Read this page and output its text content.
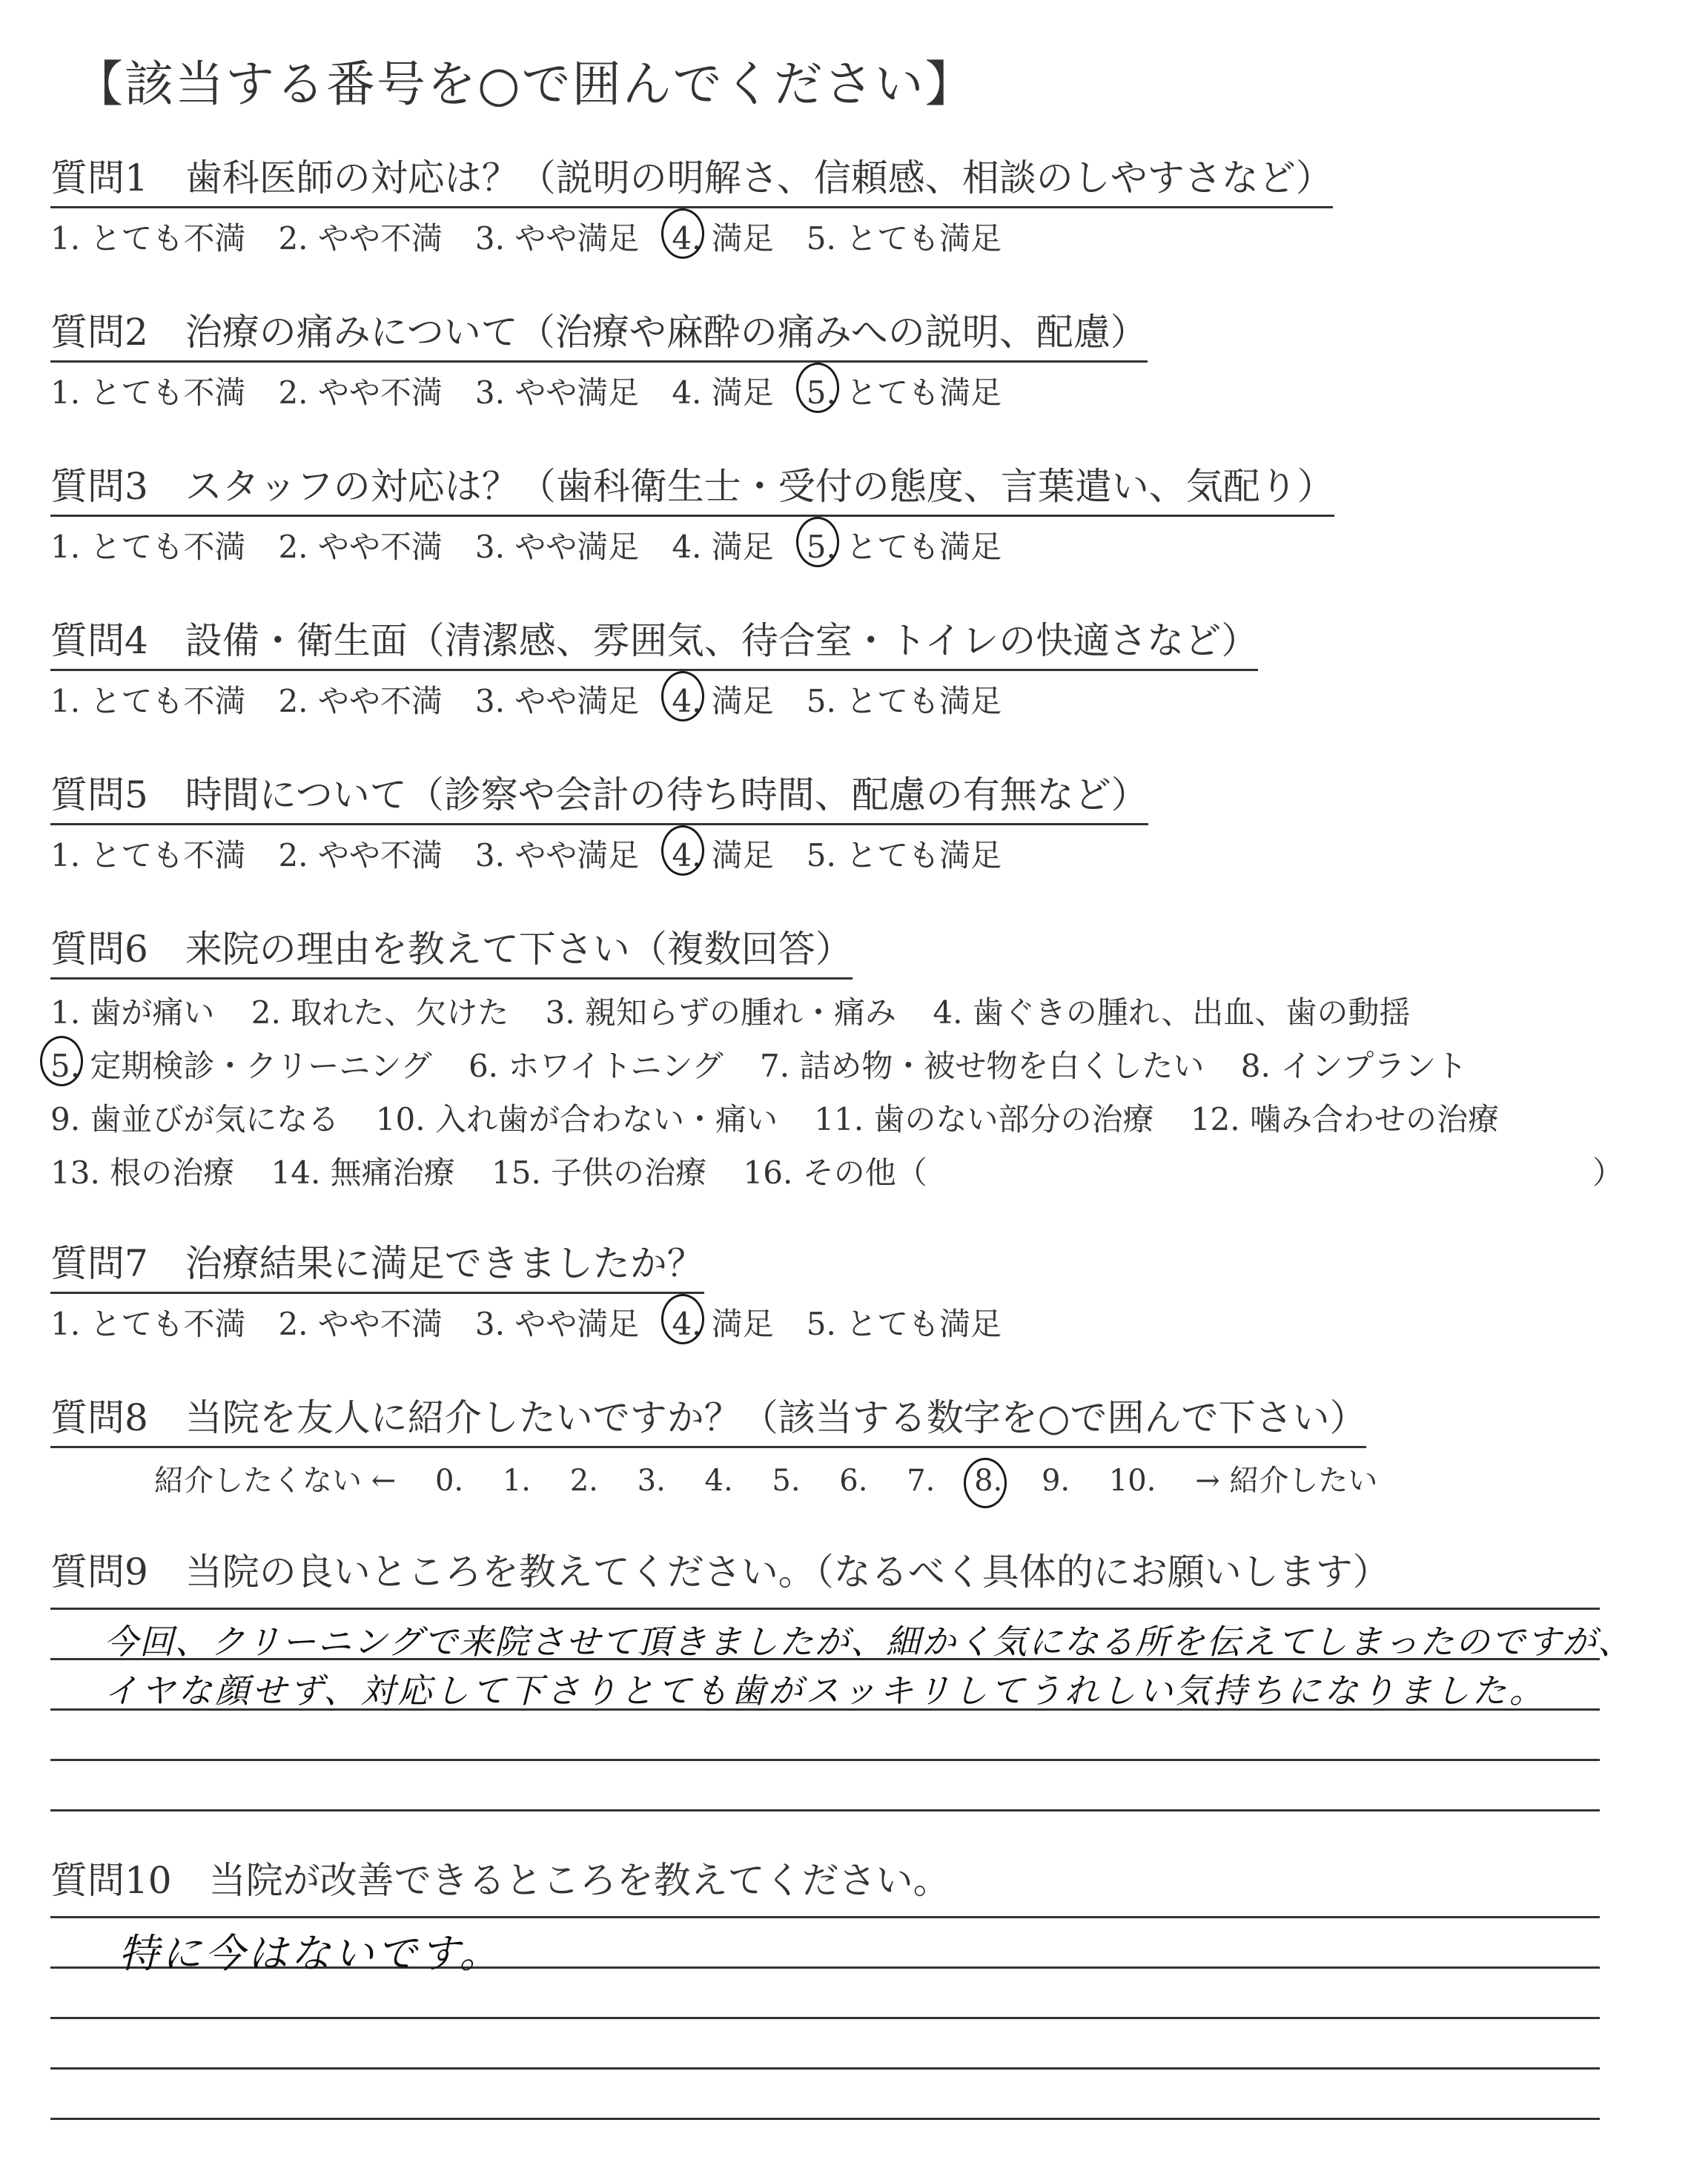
【該当する番号を○で囲んでください】
質問1　歯科医師の対応は？（説明の明解さ、信頼感、相談のしやすさなど）
1. とても不満 2. やや不満 3. やや満足 4. 満足 5. とても満足
質問2　治療の痛みについて（治療や麻酔の痛みへの説明、配慮）
1. とても不満 2. やや不満 3. やや満足 4. 満足 5. とても満足
質問3　スタッフの対応は？（歯科衛生士・受付の態度、言葉遣い、気配り）
1. とても不満 2. やや不満 3. やや満足 4. 満足 5. とても満足
質問4　設備・衛生面（清潔感、雰囲気、待合室・トイレの快適さなど）
1. とても不満 2. やや不満 3. やや満足 4. 満足 5. とても満足
質問5　時間について（診察や会計の待ち時間、配慮の有無など）
1. とても不満 2. やや不満 3. やや満足 4. 満足 5. とても満足
質問6　来院の理由を教えて下さい（複数回答）
1. 歯が痛い 2. 取れた、欠けた 3. 親知らずの腫れ・痛み 4. 歯ぐきの腫れ、出血、歯の動揺
5. 定期検診・クリーニング 6. ホワイトニング 7. 詰め物・被せ物を白くしたい 8. インプラント
9. 歯並びが気になる 10. 入れ歯が合わない・痛い 11. 歯のない部分の治療 12. 噛み合わせの治療
13. 根の治療 14. 無痛治療 15. 子供の治療 16. その他（	）
質問7　治療結果に満足できましたか？
1. とても不満 2. やや不満 3. やや満足 4. 満足 5. とても満足
質問8　当院を友人に紹介したいですか？（該当する数字を○で囲んで下さい）
紹介したくない ← 0. 1. 2. 3. 4. 5. 6. 7. 8. 9. 10. → 紹介したい
質問9　当院の良いところを教えてください。（なるべく具体的にお願いします）
今回、クリーニングで来院させて頂きましたが、細かく気になる所を伝えてしまったのですが、
イヤな顔せず、対応して下さりとても歯がスッキリしてうれしい気持ちになりました。
質問10　当院が改善できるところを教えてください。
特に今はないです。
